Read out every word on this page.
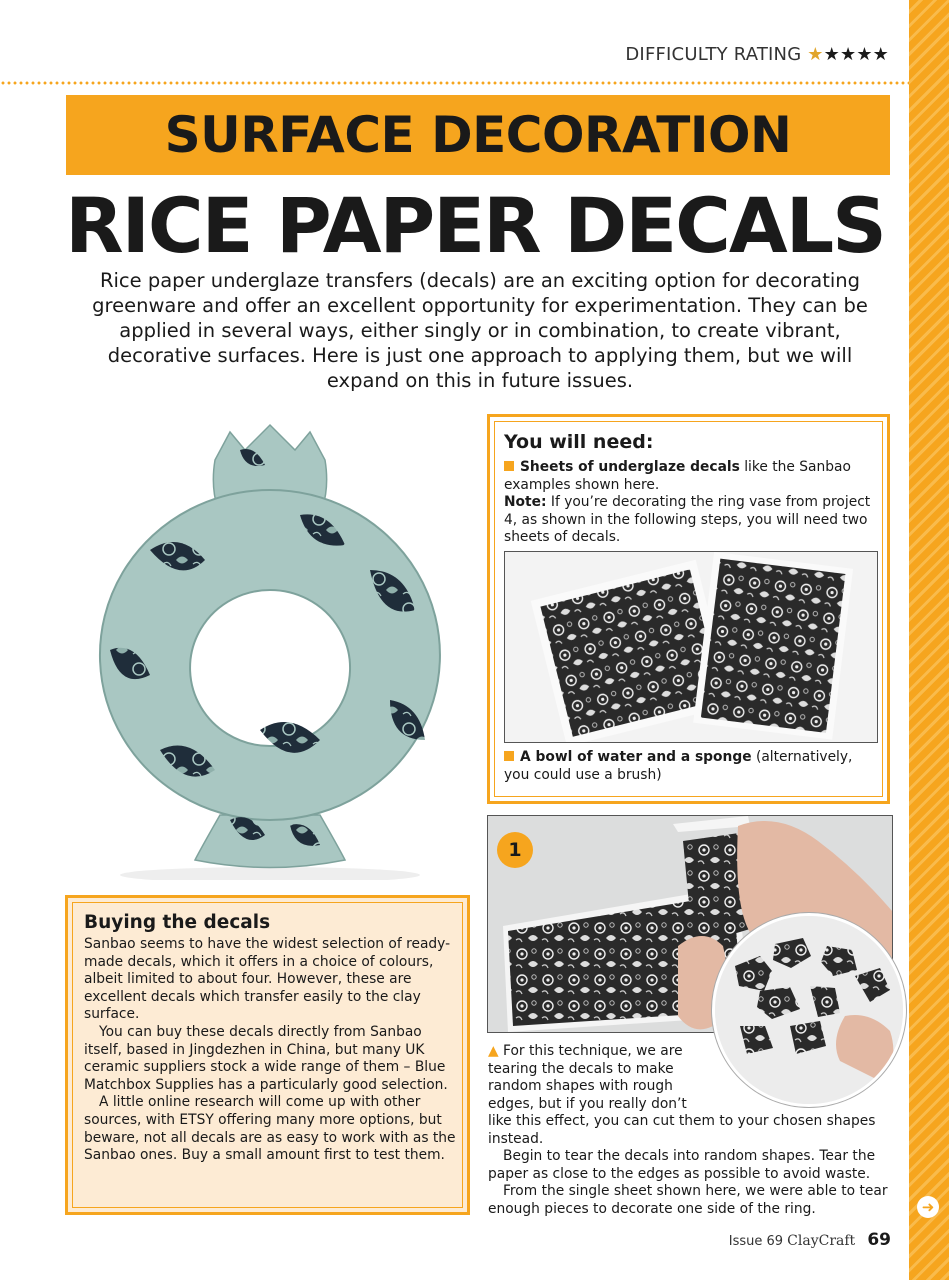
➜
DIFFICULTY RATING ★★★★★
SURFACE DECORATION
RICE PAPER DECALS
Rice paper underglaze transfers (decals) are an exciting option for decorating greenware and offer an excellent opportunity for experimentation. They can be applied in several ways, either singly or in combination, to create vibrant, decorative surfaces. Here is just one approach to applying them, but we will expand on this in future issues.
You will need:
Sheets of underglaze decals like the Sanbao examples shown here.
Note: If you’re decorating the ring vase from project 4, as shown in the following steps, you will need two sheets of decals.
A bowl of water and a sponge (alternatively, you could use a brush)
Buying the decals

Sanbao seems to have the widest selection of ready-made decals, which it offers in a choice of colours, albeit limited to about four. However, these are excellent decals which transfer easily to the clay surface.

You can buy these decals directly from Sanbao itself, based in Jingdezhen in China, but many UK ceramic suppliers stock a wide range of them – Blue Matchbox Supplies has a particularly good selection.

A little online research will come up with other sources, with ETSY offering many more options, but beware, not all decals are as easy to work with as the Sanbao ones. Buy a small amount first to test them.

1
▲ For this technique, we are
tearing the decals to make
random shapes with rough
edges, but if you really don’t
like this effect, you can cut them to your chosen shapes instead.
Begin to tear the decals into random shapes. Tear the paper as close to the edges as possible to avoid waste.
From the single sheet shown here, we were able to tear enough pieces to decorate one side of the ring.
Issue 69 ClayCraft 69
